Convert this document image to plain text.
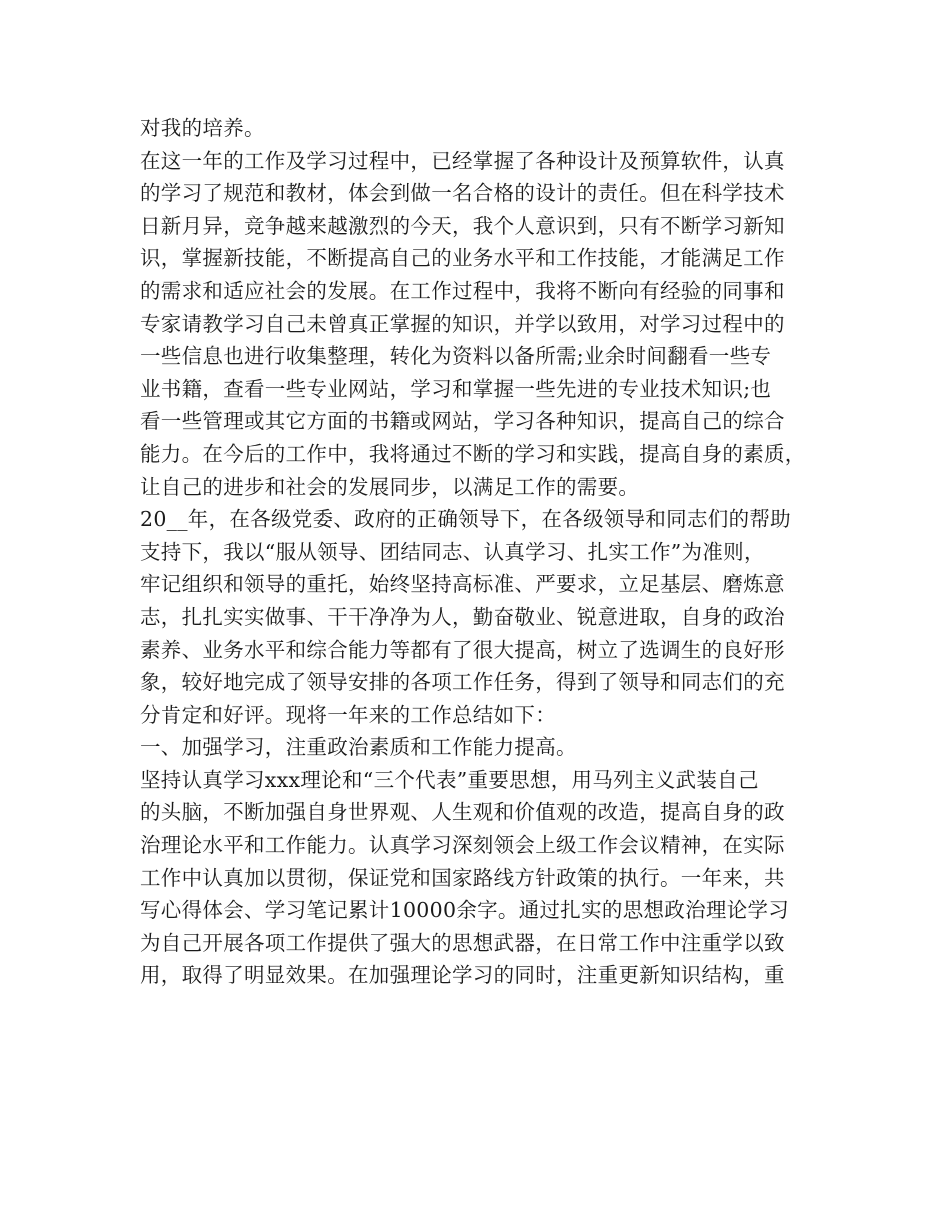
对我的培养。
在这一年的工作及学习过程中，已经掌握了各种设计及预算软件，认真
的学习了规范和教材，体会到做一名合格的设计的责任。但在科学技术
日新月异，竞争越来越激烈的今天，我个人意识到，只有不断学习新知
识，掌握新技能，不断提高自己的业务水平和工作技能，才能满足工作
的需求和适应社会的发展。在工作过程中，我将不断向有经验的同事和
专家请教学习自己未曾真正掌握的知识，并学以致用，对学习过程中的
一些信息也进行收集整理，转化为资料以备所需;业余时间翻看一些专
业书籍，查看一些专业网站，学习和掌握一些先进的专业技术知识;也
看一些管理或其它方面的书籍或网站，学习各种知识，提高自己的综合
能力。在今后的工作中，我将通过不断的学习和实践，提高自身的素质，
让自己的进步和社会的发展同步，以满足工作的需要。
20__年，在各级党委、政府的正确领导下，在各级领导和同志们的帮助
支持下，我以“服从领导、团结同志、认真学习、扎实工作”为准则，
牢记组织和领导的重托，始终坚持高标准、严要求，立足基层、磨炼意
志，扎扎实实做事、干干净净为人，勤奋敬业、锐意进取，自身的政治
素养、业务水平和综合能力等都有了很大提高，树立了选调生的良好形
象，较好地完成了领导安排的各项工作任务，得到了领导和同志们的充
分肯定和好评。现将一年来的工作总结如下：
一、加强学习，注重政治素质和工作能力提高。
坚持认真学习xxx理论和“三个代表”重要思想，用马列主义武装自己
的头脑，不断加强自身世界观、人生观和价值观的改造，提高自身的政
治理论水平和工作能力。认真学习深刻领会上级工作会议精神，在实际
工作中认真加以贯彻，保证党和国家路线方针政策的执行。一年来，共
写心得体会、学习笔记累计10000余字。通过扎实的思想政治理论学习
为自己开展各项工作提供了强大的思想武器，在日常工作中注重学以致
用，取得了明显效果。在加强理论学习的同时，注重更新知识结构，重
